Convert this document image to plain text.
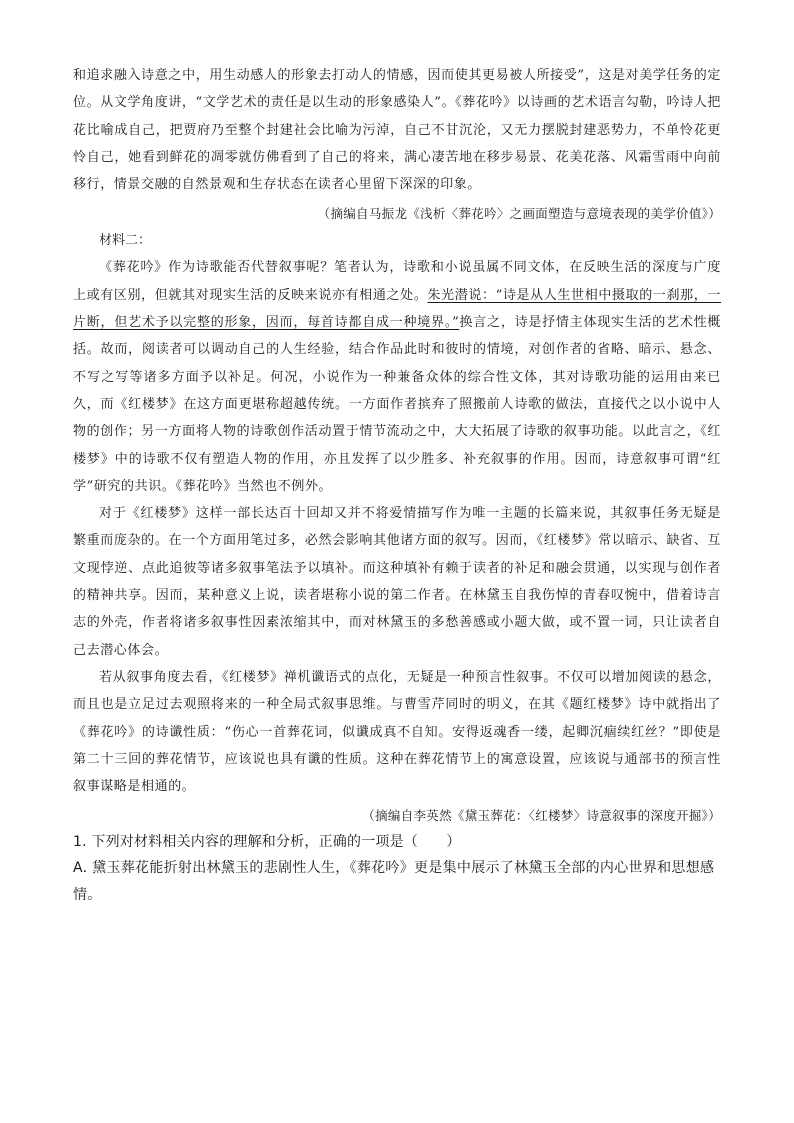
和追求融入诗意之中，用生动感人的形象去打动人的情感，因而使其更易被人所接受”，这是对美学任务的定位。从文学角度讲，“文学艺术的责任是以生动的形象感染人”。《葬花吟》以诗画的艺术语言勾勒，吟诗人把花比喻成自己，把贾府乃至整个封建社会比喻为污淖，自己不甘沉沦，又无力摆脱封建恶势力，不单怜花更怜自己，她看到鲜花的凋零就仿佛看到了自己的将来，满心凄苦地在移步易景、花美花落、风霜雪雨中向前移行，情景交融的自然景观和生存状态在读者心里留下深深的印象。

（摘编自马振龙《浅析〈葬花吟〉之画面塑造与意境表现的美学价值》）

材料二：

《葬花吟》作为诗歌能否代替叙事呢？笔者认为，诗歌和小说虽属不同文体，在反映生活的深度与广度上或有区别，但就其对现实生活的反映来说亦有相通之处。朱光潜说：“诗是从人生世相中摄取的一刹那，一片断，但艺术予以完整的形象，因而，每首诗都自成一种境界。”换言之，诗是抒情主体现实生活的艺术性概括。故而，阅读者可以调动自己的人生经验，结合作品此时和彼时的情境，对创作者的省略、暗示、悬念、不写之写等诸多方面予以补足。何况，小说作为一种兼备众体的综合性文体，其对诗歌功能的运用由来已久，而《红楼梦》在这方面更堪称超越传统。一方面作者摈弃了照搬前人诗歌的做法，直接代之以小说中人物的创作；另一方面将人物的诗歌创作活动置于情节流动之中，大大拓展了诗歌的叙事功能。以此言之，《红楼梦》中的诗歌不仅有塑造人物的作用，亦且发挥了以少胜多、补充叙事的作用。因而，诗意叙事可谓“红学”研究的共识。《葬花吟》当然也不例外。

对于《红楼梦》这样一部长达百十回却又并不将爱情描写作为唯一主题的长篇来说，其叙事任务无疑是繁重而庞杂的。在一个方面用笔过多，必然会影响其他诸方面的叙写。因而，《红楼梦》常以暗示、缺省、互文现悖逆、点此追彼等诸多叙事笔法予以填补。而这种填补有赖于读者的补足和融会贯通，以实现与创作者的精神共享。因而，某种意义上说，读者堪称小说的第二作者。在林黛玉自我伤悼的青春叹惋中，借着诗言志的外壳，作者将诸多叙事性因素浓缩其中，而对林黛玉的多愁善感或小题大做，或不置一词，只让读者自己去潜心体会。

若从叙事角度去看，《红楼梦》禅机谶语式的点化，无疑是一种预言性叙事。不仅可以增加阅读的悬念，而且也是立足过去观照将来的一种全局式叙事思维。与曹雪芹同时的明义，在其《题红楼梦》诗中就指出了《葬花吟》的诗谶性质：“伤心一首葬花词，似谶成真不自知。安得返魂香一缕，起卿沉痼续红丝？”即使是第二十三回的葬花情节，应该说也具有谶的性质。这种在葬花情节上的寓意设置，应该说与通部书的预言性叙事谋略是相通的。

（摘编自李英然《黛玉葬花：〈红楼梦〉诗意叙事的深度开掘》）

1. 下列对材料相关内容的理解和分析，正确的一项是（　　）

A. 黛玉葬花能折射出林黛玉的悲剧性人生，《葬花吟》更是集中展示了林黛玉全部的内心世界和思想感情。
